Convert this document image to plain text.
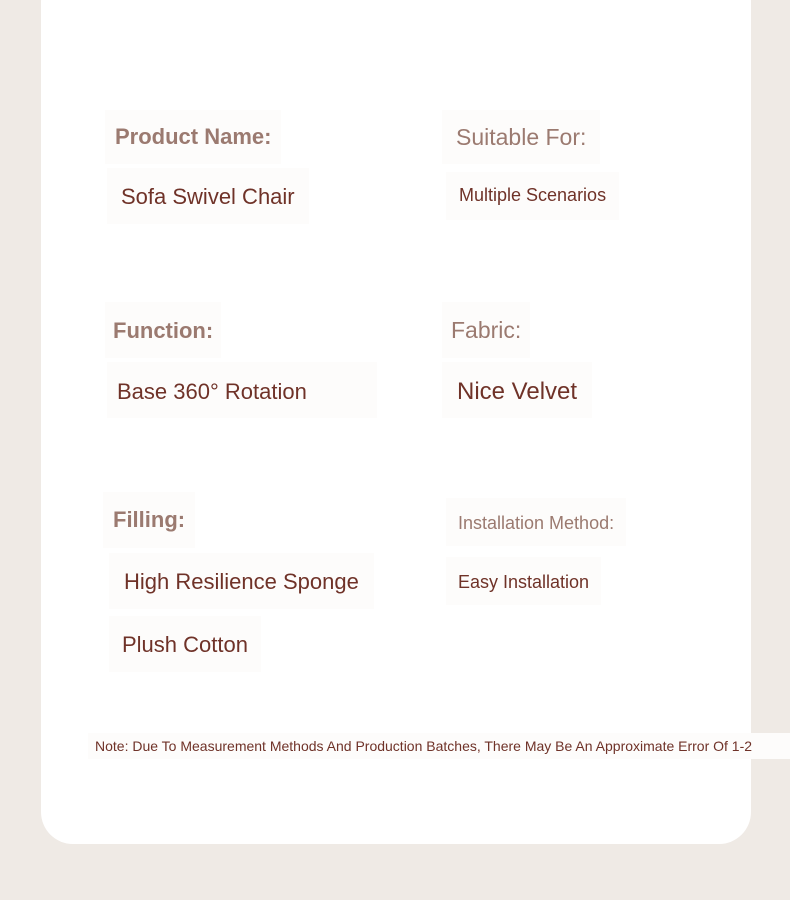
Product Name:
Sofa Swivel Chair
Suitable For:
Multiple Scenarios
Function:
Base 360° Rotation
Fabric:
Nice Velvet
Filling:
High Resilience Sponge
Plush Cotton
Installation Method:
Easy Installation
Note: Due To Measurement Methods And Production Batches, There May Be An Approximate Error Of 1-2
